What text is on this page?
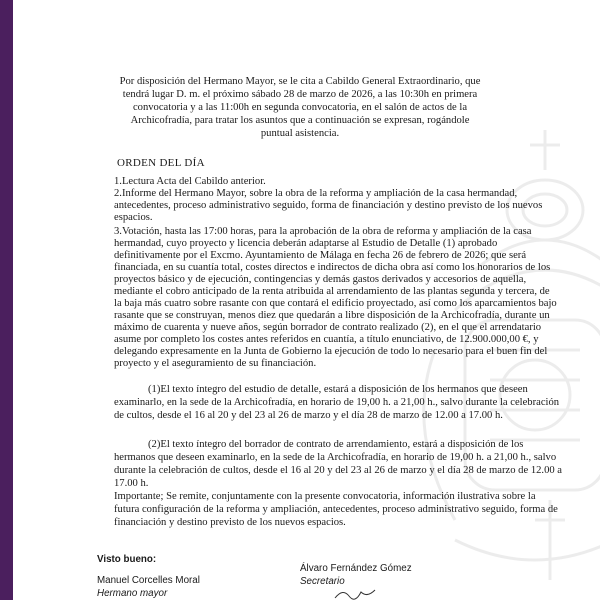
Por disposición del Hermano Mayor, se le cita a Cabildo General Extraordinario, que

tendrá lugar D. m. el próximo sábado 28 de marzo de 2026, a las 10:30h en primera

convocatoria y a las 11:00h en segunda convocatoria, en el salón de actos de la

Archicofradía, para tratar los asuntos que a continuación se expresan, rogándole

puntual asistencia.

ORDEN DEL DÍA

1.Lectura Acta del Cabildo anterior.

2.Informe del Hermano Mayor, sobre la obra de la reforma y ampliación de la casa hermandad,

antecedentes, proceso administrativo seguido, forma de financiación y destino previsto de los nuevos

espacios.

3.Votación, hasta las 17:00 horas, para la aprobación de la obra de reforma y ampliación de la casa

hermandad, cuyo proyecto y licencia deberán adaptarse al Estudio de Detalle (1) aprobado

definitivamente por el Excmo. Ayuntamiento de Málaga en fecha 26 de febrero de 2026; que será

financiada, en su cuantía total, costes directos e indirectos de dicha obra así como los honorarios de los

proyectos básico y de ejecución, contingencias y demás gastos derivados y accesorios de aquella,

mediante el cobro anticipado de la renta atribuida al arrendamiento de las plantas segunda y tercera, de

la baja más cuatro sobre rasante con que contará el edificio proyectado, así como los aparcamientos bajo

rasante que se construyan, menos diez que quedarán a libre disposición de la Archicofradía, durante un

máximo de cuarenta y nueve años, según borrador de contrato realizado (2), en el que el arrendatario

asume por completo los costes antes referidos en cuantía, a título enunciativo, de 12.900.000,00 €, y

delegando expresamente en la Junta de Gobierno la ejecución de todo lo necesario para el buen fin del

proyecto y el aseguramiento de su financiación.

(1)El texto íntegro del estudio de detalle, estará a disposición de los hermanos que deseen

examinarlo, en la sede de la Archicofradía, en horario de 19,00 h. a 21,00 h., salvo durante la celebración

de cultos, desde el 16 al 20 y del 23 al 26 de marzo y el día 28 de marzo de 12.00 a 17.00 h.

(2)El texto íntegro del borrador de contrato de arrendamiento, estará a disposición de los

hermanos que deseen examinarlo, en la sede de la Archicofradía, en horario de 19,00 h. a 21,00 h., salvo

durante la celebración de cultos, desde el 16 al 20 y del 23 al 26 de marzo y el día 28 de marzo de 12.00 a

17.00 h.

Importante; Se remite, conjuntamente con la presente convocatoria, información ilustrativa sobre la

futura configuración de la reforma y ampliación, antecedentes, proceso administrativo seguido, forma de

financiación y destino previsto de los nuevos espacios.

Visto bueno:

Manuel Corcelles Moral

Hermano mayor

Álvaro Fernández Gómez

Secretario
